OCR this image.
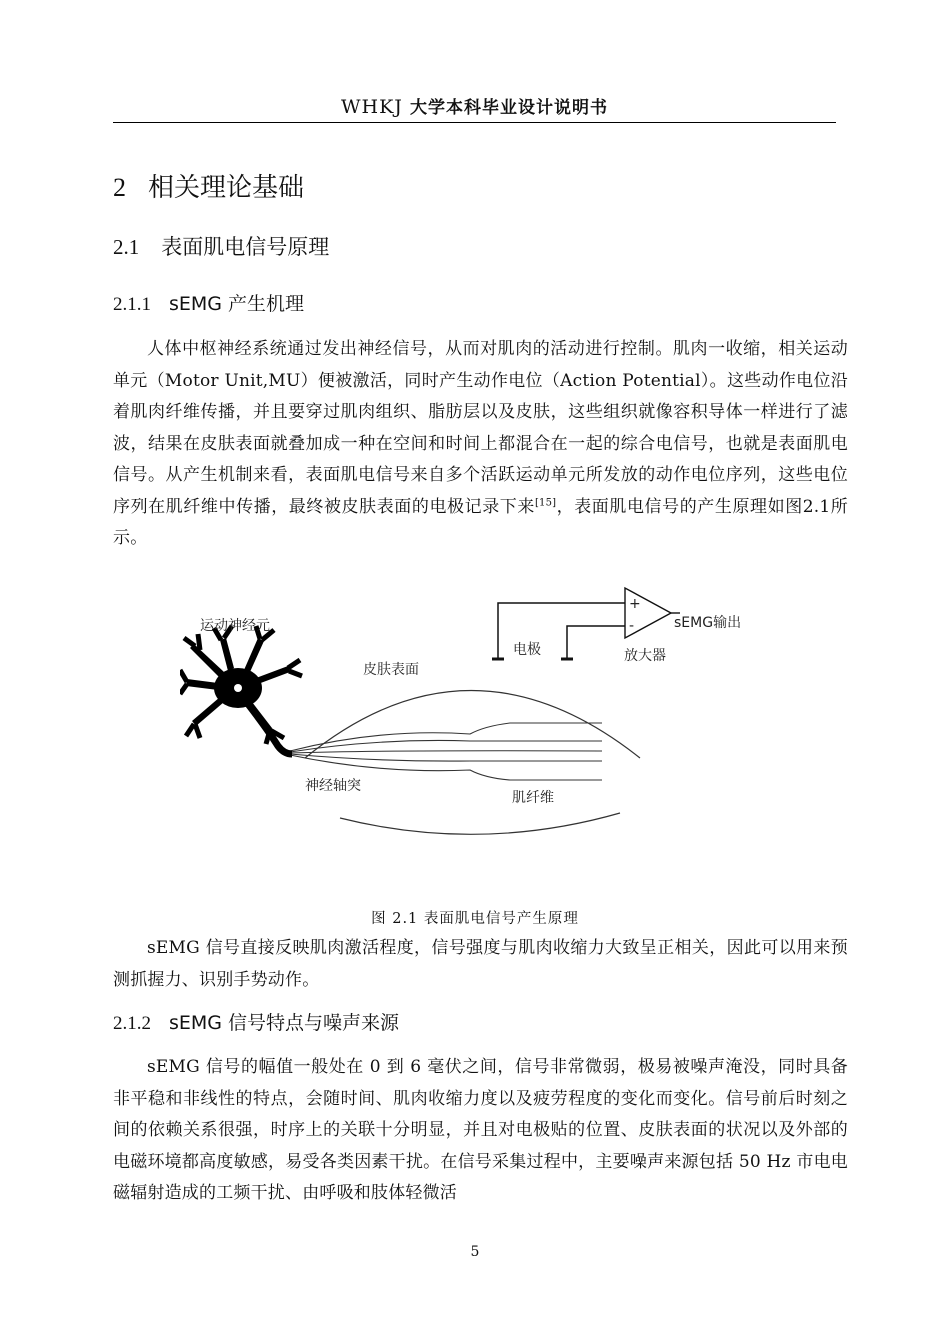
WHKJ 大学本科毕业设计说明书
2 相关理论基础
2.1 表面肌电信号原理
2.1.1 sEMG 产生机理

人体中枢神经系统通过发出神经信号，从而对肌肉的活动进行控制。肌肉一收缩，相关运动单元（Motor Unit,MU）便被激活，同时产生动作电位（Action Potential）。这些动作电位沿着肌肉纤维传播，并且要穿过肌肉组织、脂肪层以及皮肤，这些组织就像容积导体一样进行了滤波，结果在皮肤表面就叠加成一种在空间和时间上都混合在一起的综合电信号，也就是表面肌电信号。从产生机制来看，表面肌电信号来自多个活跃运动单元所发放的动作电位序列，这些电位序列在肌纤维中传播，最终被皮肤表面的电极记录下来[15]，表面肌电信号的产生原理如图2.1所示。

+
-
运动神经元
皮肤表面
电极	放大器
sEMG输出
神经轴突
肌纤维
图 2.1 表面肌电信号产生原理

sEMG 信号直接反映肌肉激活程度，信号强度与肌肉收缩力大致呈正相关，因此可以用来预测抓握力、识别手势动作。

2.1.2 sEMG 信号特点与噪声来源

sEMG 信号的幅值一般处在 0 到 6 毫伏之间，信号非常微弱，极易被噪声淹没，同时具备非平稳和非线性的特点，会随时间、肌肉收缩力度以及疲劳程度的变化而变化。信号前后时刻之间的依赖关系很强，时序上的关联十分明显，并且对电极贴的位置、皮肤表面的状况以及外部的电磁环境都高度敏感，易受各类因素干扰。在信号采集过程中，主要噪声来源包括 50 Hz 市电电磁辐射造成的工频干扰、由呼吸和肢体轻微活

5
